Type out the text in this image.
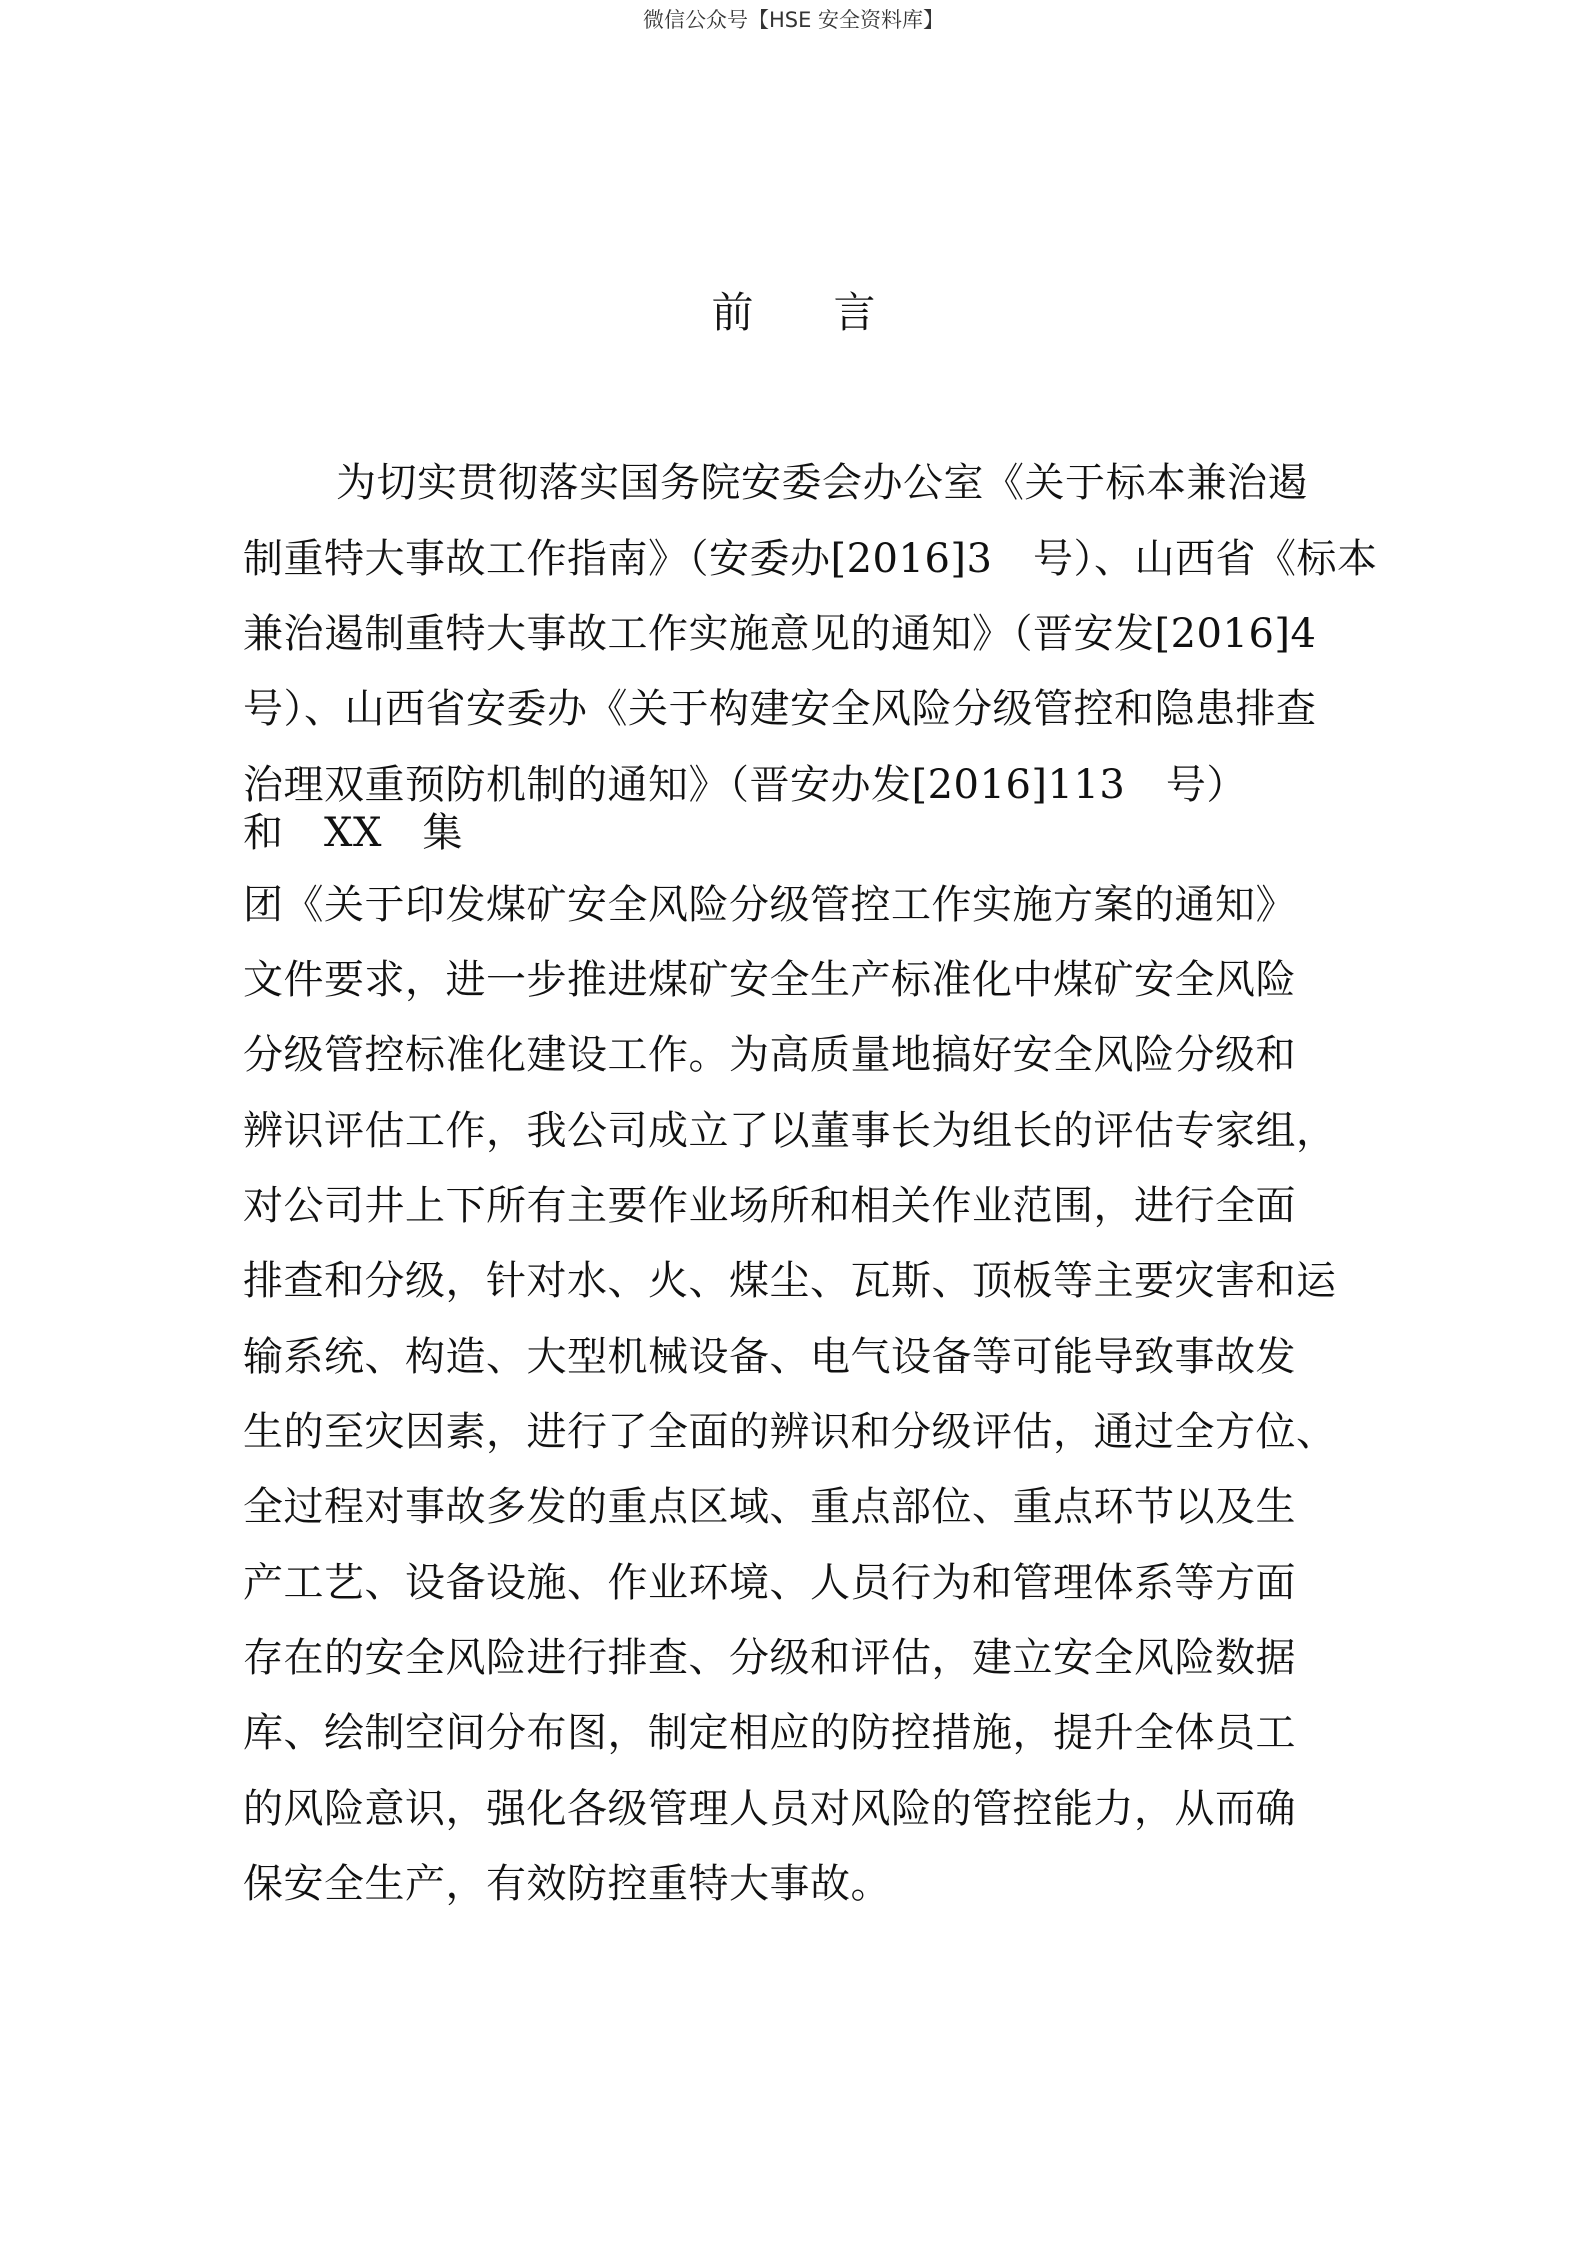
微信公众号【HSE 安全资料库】
前 言
为切实贯彻落实国务院安委会办公室《关于标本兼治遏
制重特大事故工作指南》（安委办[2016]3　号）、山西省《标本
兼治遏制重特大事故工作实施意见的通知》（晋安发[2016]4
号）、山西省安委办《关于构建安全风险分级管控和隐患排查
治理双重预防机制的通知》（晋安办发[2016]113　号）
和　XX　集
团《关于印发煤矿安全风险分级管控工作实施方案的通知》
文件要求，进一步推进煤矿安全生产标准化中煤矿安全风险
分级管控标准化建设工作。为高质量地搞好安全风险分级和
辨识评估工作，我公司成立了以董事长为组长的评估专家组，
对公司井上下所有主要作业场所和相关作业范围，进行全面
排查和分级，针对水、火、煤尘、瓦斯、顶板等主要灾害和运
输系统、构造、大型机械设备、电气设备等可能导致事故发
生的至灾因素，进行了全面的辨识和分级评估，通过全方位、
全过程对事故多发的重点区域、重点部位、重点环节以及生
产工艺、设备设施、作业环境、人员行为和管理体系等方面
存在的安全风险进行排查、分级和评估，建立安全风险数据
库、绘制空间分布图，制定相应的防控措施，提升全体员工
的风险意识，强化各级管理人员对风险的管控能力，从而确
保安全生产，有效防控重特大事故。
